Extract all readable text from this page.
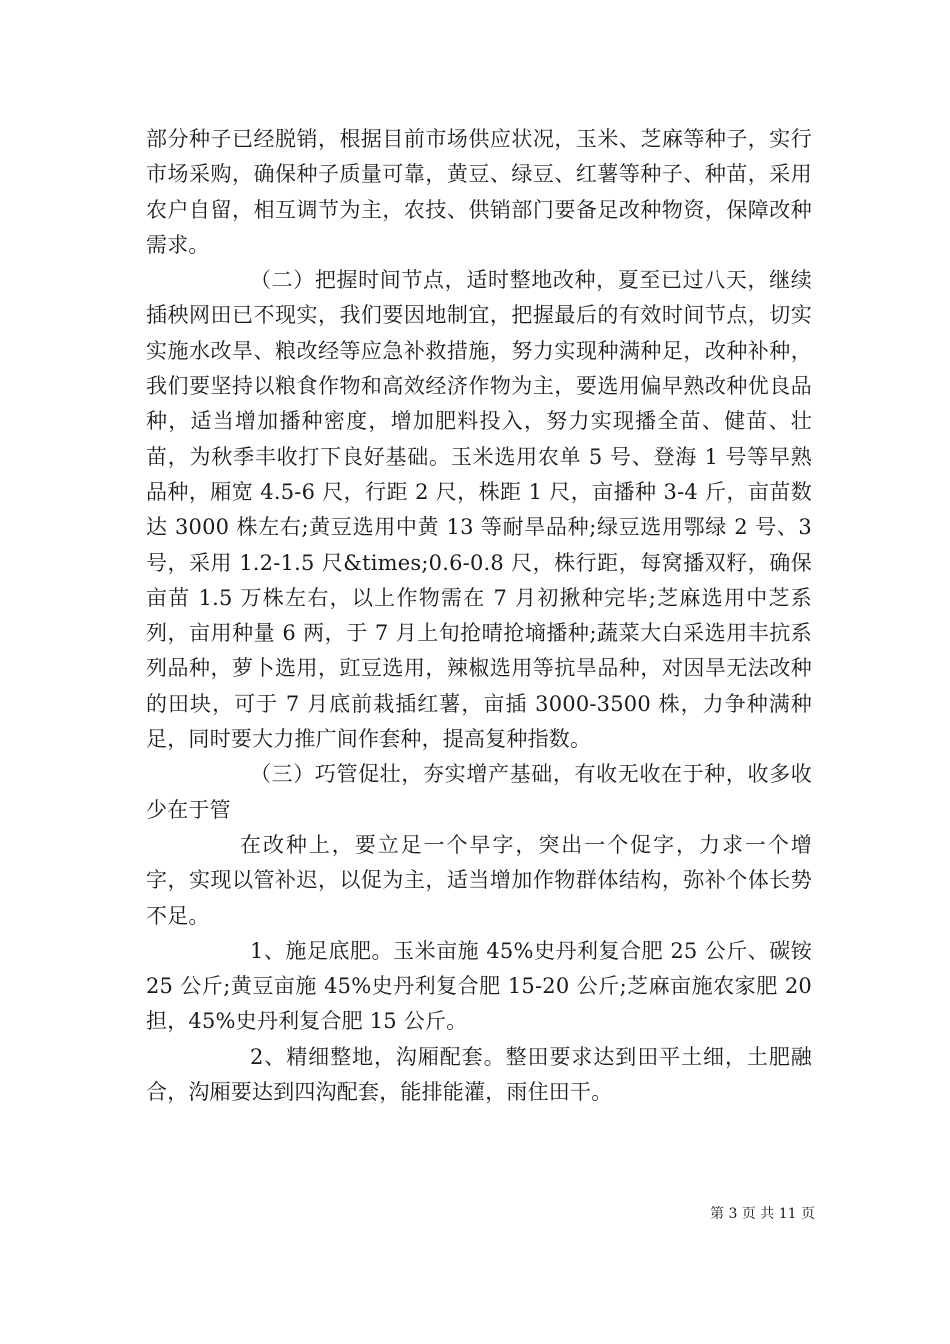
部分种子已经脱销，根据目前市场供应状况，玉米、芝麻等种子，实行市场采购，确保种子质量可靠，黄豆、绿豆、红薯等种子、种苗，采用农户自留，相互调节为主，农技、供销部门要备足改种物资，保障改种需求。

（二）把握时间节点，适时整地改种，夏至已过八天，继续插秧网田已不现实，我们要因地制宜，把握最后的有效时间节点，切实实施水改旱、粮改经等应急补救措施，努力实现种满种足，改种补种，我们要坚持以粮食作物和高效经济作物为主，要选用偏早熟改种优良品种，适当增加播种密度，增加肥料投入，努力实现播全苗、健苗、壮苗，为秋季丰收打下良好基础。玉米选用农单 5 号、登海 1 号等早熟品种，厢宽 4.5-6 尺，行距 2 尺，株距 1 尺，亩播种 3-4 斤，亩苗数达 3000 株左右;黄豆选用中黄 13 等耐旱品种;绿豆选用鄂绿 2 号、3 号，采用 1.2-1.5 尺&times;0.6-0.8 尺，株行距，每窝播双籽，确保亩苗 1.5 万株左右，以上作物需在 7 月初揪种完毕;芝麻选用中芝系列，亩用种量 6 两，于 7 月上旬抢晴抢墒播种;蔬菜大白采选用丰抗系列品种，萝卜选用，豇豆选用，辣椒选用等抗旱品种，对因旱无法改种的田块，可于 7 月底前栽插红薯，亩插 3000-3500 株，力争种满种足，同时要大力推广间作套种，提高复种指数。

（三）巧管促壮，夯实增产基础，有收无收在于种，收多收少在于管

在改种上，要立足一个早字，突出一个促字，力求一个增字，实现以管补迟，以促为主，适当增加作物群体结构，弥补个体长势不足。

1、施足底肥。玉米亩施 45%史丹利复合肥 25 公斤、碳铵 25 公斤;黄豆亩施 45%史丹利复合肥 15-20 公斤;芝麻亩施农家肥 20 担，45%史丹利复合肥 15 公斤。

2、精细整地，沟厢配套。整田要求达到田平土细，土肥融合，沟厢要达到四沟配套，能排能灌，雨住田干。

第 3 页 共 11 页
